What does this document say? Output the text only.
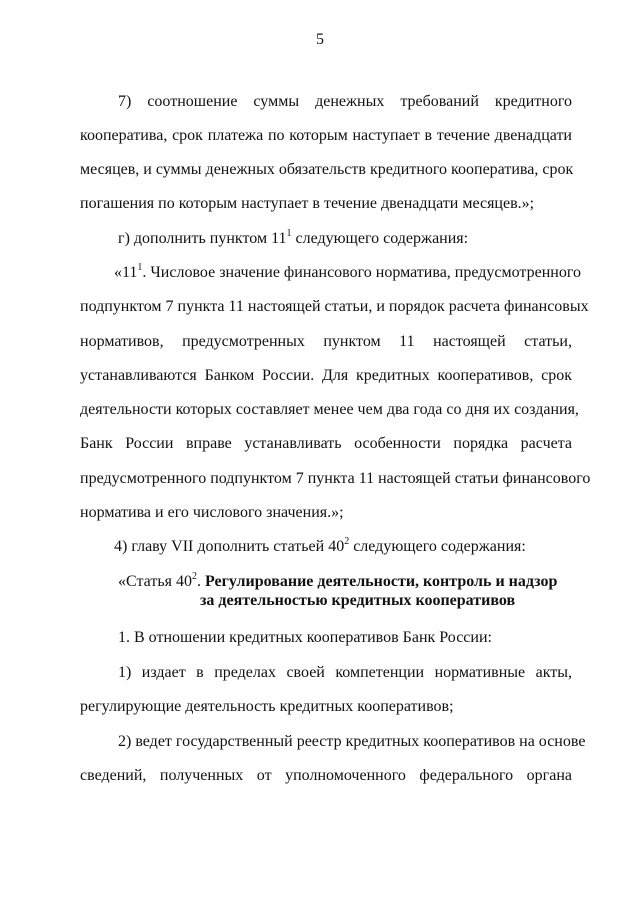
5
7) соотношение суммы денежных требований кредитного
кооператива, срок платежа по которым наступает в течение двенадцати
месяцев, и суммы денежных обязательств кредитного кооператива, срок
погашения по которым наступает в течение двенадцати месяцев.»;
г) дополнить пунктом $11^1$ следующего содержания:
«$11^1$. Числовое значение финансового норматива, предусмотренного
подпунктом 7 пункта 11 настоящей статьи, и порядок расчета финансовых
нормативов, предусмотренных пунктом 11 настоящей статьи,
устанавливаются Банком России. Для кредитных кооперативов, срок
деятельности которых составляет менее чем два года со дня их создания,
Банк России вправе устанавливать особенности порядка расчета
предусмотренного подпунктом 7 пункта 11 настоящей статьи финансового
норматива и его числового значения.»;
4) главу VII дополнить статьей $40^2$ следующего содержания:
«Статья $40^2$. Регулирование деятельности, контроль и надзор
за деятельностью кредитных кооперативов
1. В отношении кредитных кооперативов Банк России:
1) издает в пределах своей компетенции нормативные акты,
регулирующие деятельность кредитных кооперативов;
2) ведет государственный реестр кредитных кооперативов на основе
сведений, полученных от уполномоченного федерального органа
